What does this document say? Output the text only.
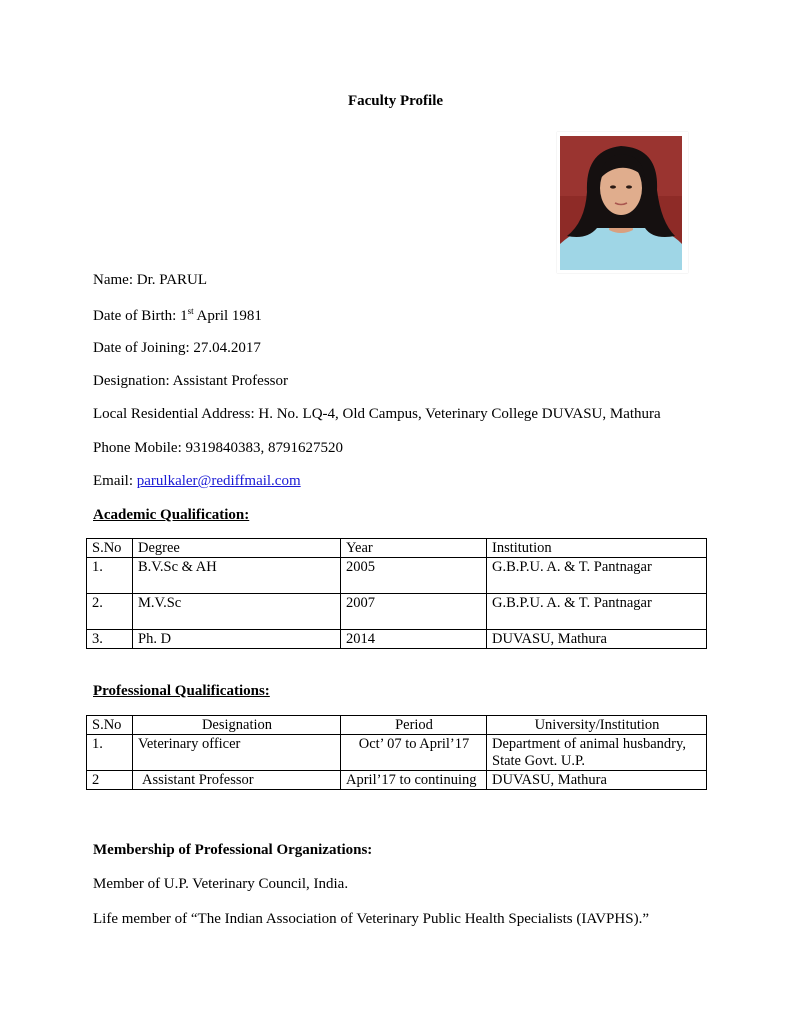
Faculty Profile
Name: Dr. PARUL
Date of Birth: 1st April 1981
Date of Joining: 27.04.2017
Designation: Assistant Professor
Local Residential Address: H. No. LQ-4, Old Campus, Veterinary College DUVASU, Mathura
Phone Mobile: 9319840383, 8791627520
Email: parulkaler@rediffmail.com
Academic Qualification:
S.No	Degree	Year	Institution
1.	B.V.Sc & AH	2005	G.B.P.U. A. & T. Pantnagar
2.	M.V.Sc	2007	G.B.P.U. A. & T. Pantnagar
3.	Ph. D	2014	DUVASU, Mathura
Professional Qualifications:
S.No	Designation	Period	University/Institution
1.	Veterinary officer	Oct’ 07 to April’17	Department of animal husbandry, State Govt. U.P.
2	Assistant Professor	April’17 to continuing	DUVASU, Mathura
Membership of Professional Organizations:
Member of U.P. Veterinary Council, India.
Life member of “The Indian Association of Veterinary Public Health Specialists (IAVPHS).”
